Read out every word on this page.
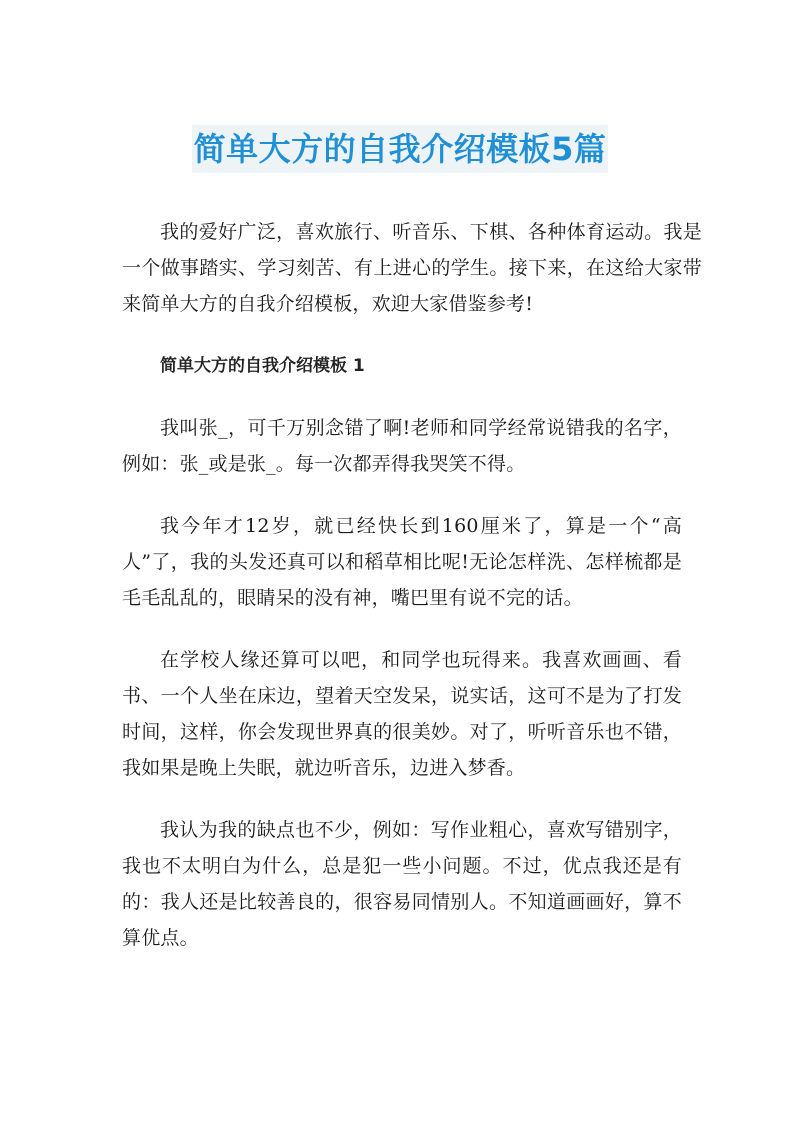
简单大方的自我介绍模板5篇

我的爱好广泛，喜欢旅行、听音乐、下棋、各种体育运动。我是一个做事踏实、学习刻苦、有上进心的学生。接下来，在这给大家带来简单大方的自我介绍模板，欢迎大家借鉴参考!

简单大方的自我介绍模板 1

我叫张_，可千万别念错了啊!老师和同学经常说错我的名字，例如：张_或是张_。每一次都弄得我哭笑不得。

我今年才12岁，就已经快长到160厘米了，算是一个“高人”了，我的头发还真可以和稻草相比呢!无论怎样洗、怎样梳都是毛毛乱乱的，眼睛呆的没有神，嘴巴里有说不完的话。

在学校人缘还算可以吧，和同学也玩得来。我喜欢画画、看书、一个人坐在床边，望着天空发呆，说实话，这可不是为了打发时间，这样，你会发现世界真的很美妙。对了，听听音乐也不错，我如果是晚上失眠，就边听音乐，边进入梦香。

我认为我的缺点也不少，例如：写作业粗心，喜欢写错别字，我也不太明白为什么，总是犯一些小问题。不过，优点我还是有的：我人还是比较善良的，很容易同情别人。不知道画画好，算不算优点。
